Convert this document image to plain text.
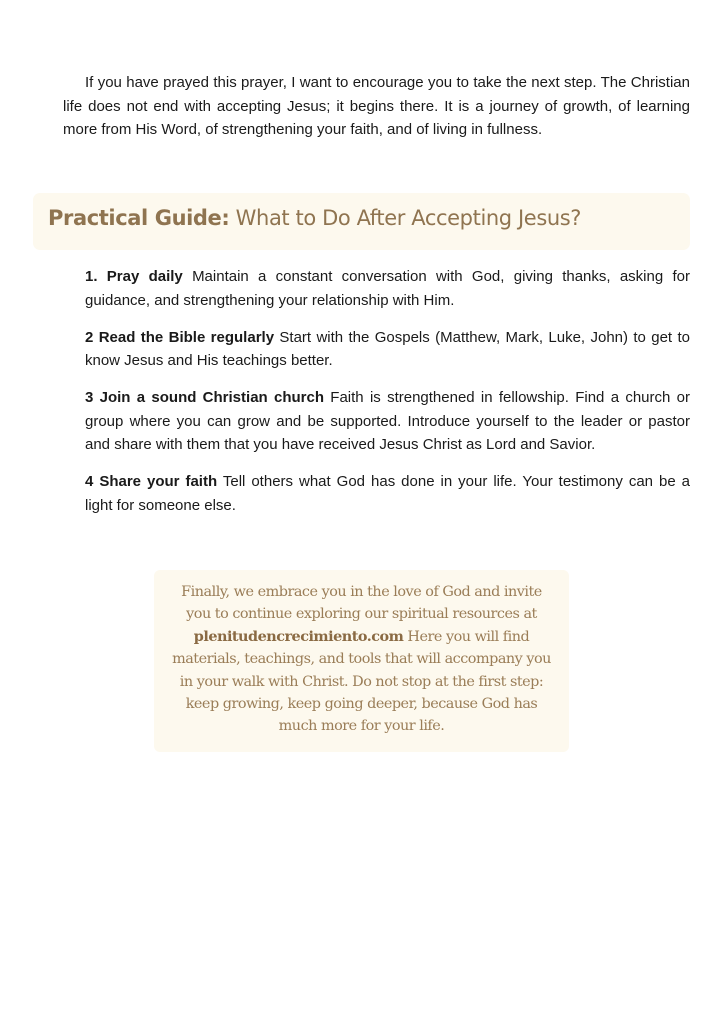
If you have prayed this prayer, I want to encourage you to take the next step. The Christian life does not end with accepting Jesus; it begins there. It is a journey of growth, of learning more from His Word, of strengthening your faith, and of living in fullness.

Practical Guide: What to Do After Accepting Jesus?

1. Pray daily Maintain a constant conversation with God, giving thanks, asking for guidance, and strengthening your relationship with Him.

2 Read the Bible regularly Start with the Gospels (Matthew, Mark, Luke, John) to get to know Jesus and His teachings better.

3 Join a sound Christian church Faith is strengthened in fellowship. Find a church or group where you can grow and be supported. Introduce yourself to the leader or pastor and share with them that you have received Jesus Christ as Lord and Savior.

4 Share your faith Tell others what God has done in your life. Your testimony can be a light for someone else.

Finally, we embrace you in the love of God and invite you to continue exploring our spiritual resources at plenitudencrecimiento.com Here you will find materials, teachings, and tools that will accompany you in your walk with Christ. Do not stop at the first step: keep growing, keep going deeper, because God has much more for your life.
